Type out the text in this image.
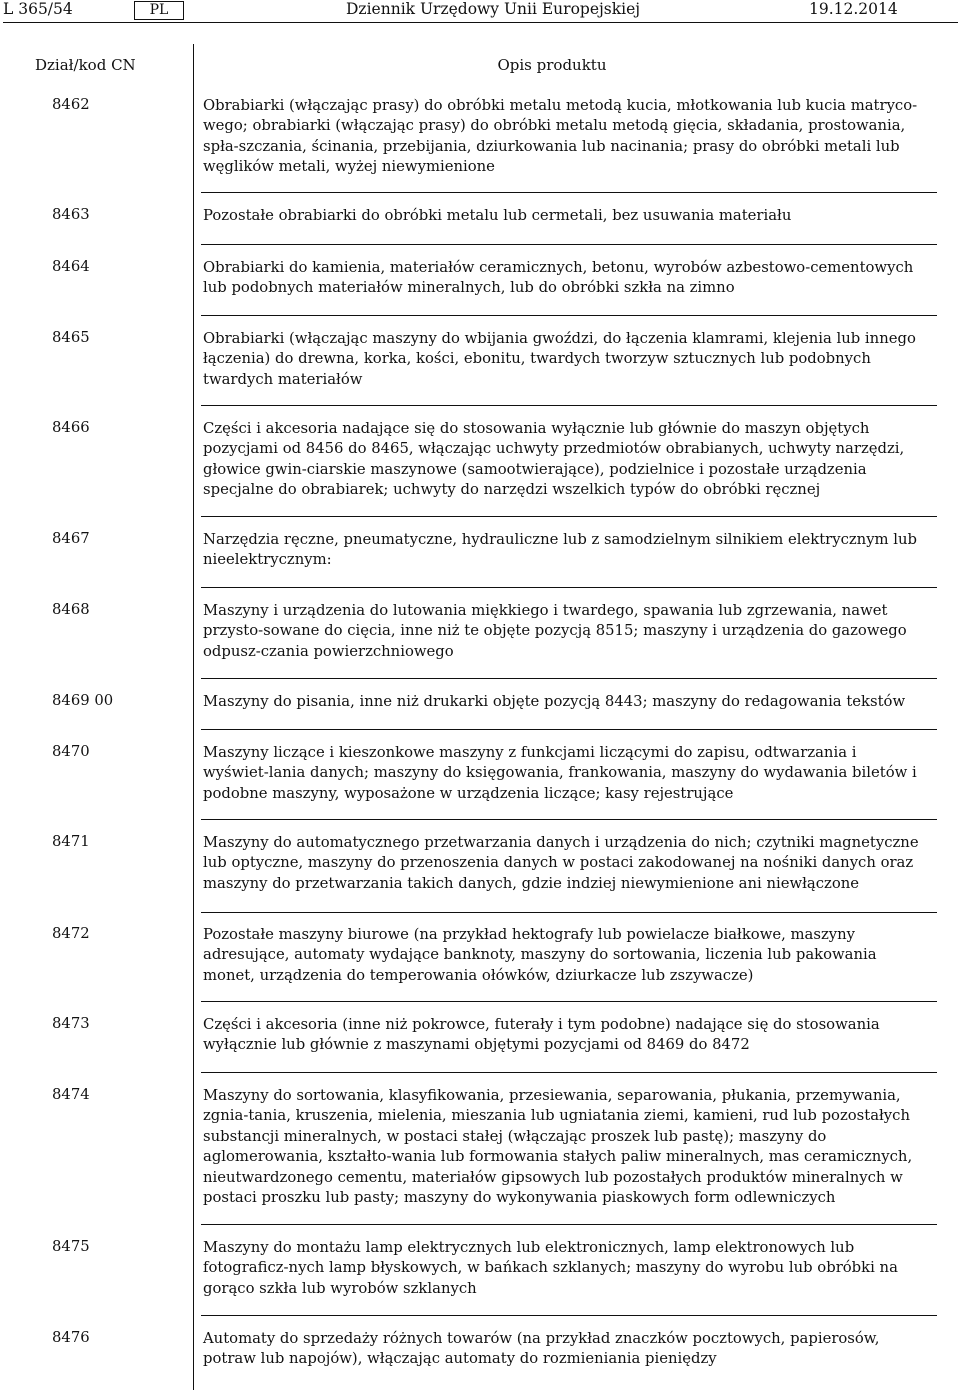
L 365/54	PL	Dziennik Urzędowy Unii Europejskiej	19.12.2014
Dział/kod CN	Opis produktu
8462	Obrabiarki (włączając prasy) do obróbki metalu metodą kucia, młotkowania lub kucia matryco-wego; obrabiarki (włączając prasy) do obróbki metalu metodą gięcia, składania, prostowania, spła-szczania, ścinania, przebijania, dziurkowania lub nacinania; prasy do obróbki metali lub węglików metali, wyżej niewymienione
8463	Pozostałe obrabiarki do obróbki metalu lub cermetali, bez usuwania materiału
8464	Obrabiarki do kamienia, materiałów ceramicznych, betonu, wyrobów azbestowo-cementowych lub podobnych materiałów mineralnych, lub do obróbki szkła na zimno
8465	Obrabiarki (włączając maszyny do wbijania gwoździ, do łączenia klamrami, klejenia lub innego łączenia) do drewna, korka, kości, ebonitu, twardych tworzyw sztucznych lub podobnych twardych materiałów
8466	Części i akcesoria nadające się do stosowania wyłącznie lub głównie do maszyn objętych pozycjami od 8456 do 8465, włączając uchwyty przedmiotów obrabianych, uchwyty narzędzi, głowice gwin-ciarskie maszynowe (samootwierające), podzielnice i pozostałe urządzenia specjalne do obrabiarek; uchwyty do narzędzi wszelkich typów do obróbki ręcznej
8467	Narzędzia ręczne, pneumatyczne, hydrauliczne lub z samodzielnym silnikiem elektrycznym lub nieelektrycznym:
8468	Maszyny i urządzenia do lutowania miękkiego i twardego, spawania lub zgrzewania, nawet przysto-sowane do cięcia, inne niż te objęte pozycją 8515; maszyny i urządzenia do gazowego odpusz-czania powierzchniowego
8469 00	Maszyny do pisania, inne niż drukarki objęte pozycją 8443; maszyny do redagowania tekstów
8470	Maszyny liczące i kieszonkowe maszyny z funkcjami liczącymi do zapisu, odtwarzania i wyświet-lania danych; maszyny do księgowania, frankowania, maszyny do wydawania biletów i podobne maszyny, wyposażone w urządzenia liczące; kasy rejestrujące
8471	Maszyny do automatycznego przetwarzania danych i urządzenia do nich; czytniki magnetyczne lub optyczne, maszyny do przenoszenia danych w postaci zakodowanej na nośniki danych oraz maszyny do przetwarzania takich danych, gdzie indziej niewymienione ani niewłączone
8472	Pozostałe maszyny biurowe (na przykład hektografy lub powielacze białkowe, maszyny adresujące, automaty wydające banknoty, maszyny do sortowania, liczenia lub pakowania monet, urządzenia do temperowania ołówków, dziurkacze lub zszywacze)
8473	Części i akcesoria (inne niż pokrowce, futerały i tym podobne) nadające się do stosowania wyłącznie lub głównie z maszynami objętymi pozycjami od 8469 do 8472
8474	Maszyny do sortowania, klasyfikowania, przesiewania, separowania, płukania, przemywania, zgnia-tania, kruszenia, mielenia, mieszania lub ugniatania ziemi, kamieni, rud lub pozostałych substancji mineralnych, w postaci stałej (włączając proszek lub pastę); maszyny do aglomerowania, kształto-wania lub formowania stałych paliw mineralnych, mas ceramicznych, nieutwardzonego cementu, materiałów gipsowych lub pozostałych produktów mineralnych w postaci proszku lub pasty; maszyny do wykonywania piaskowych form odlewniczych
8475	Maszyny do montażu lamp elektrycznych lub elektronicznych, lamp elektronowych lub fotograficz-nych lamp błyskowych, w bańkach szklanych; maszyny do wyrobu lub obróbki na gorąco szkła lub wyrobów szklanych
8476	Automaty do sprzedaży różnych towarów (na przykład znaczków pocztowych, papierosów, potraw lub napojów), włączając automaty do rozmieniania pieniędzy
